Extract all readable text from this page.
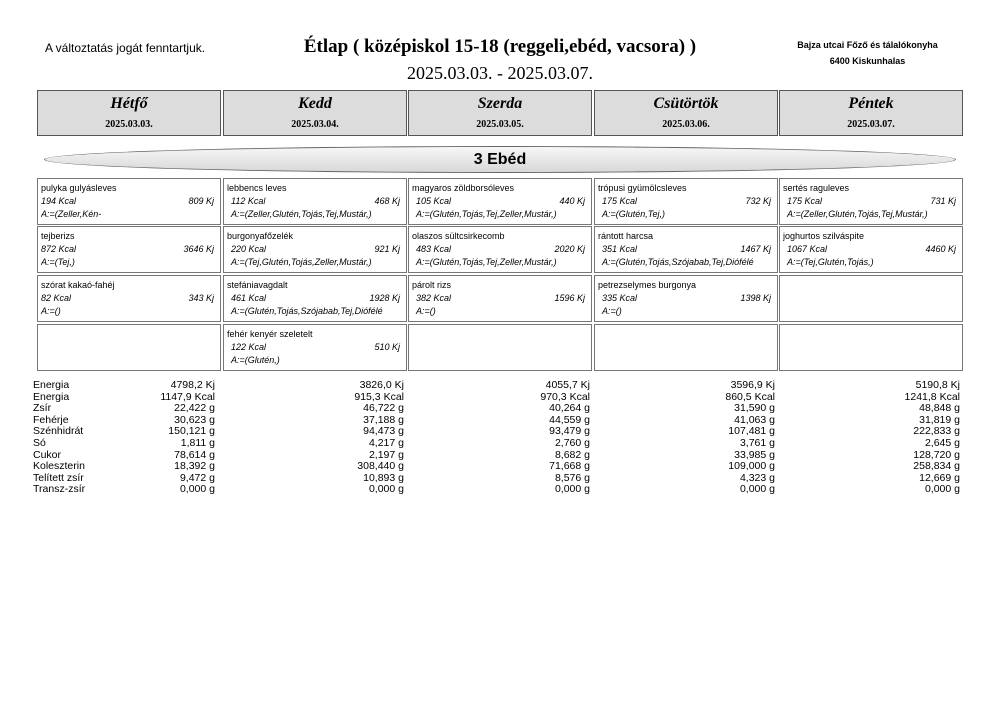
A változtatás jogát fenntartjuk.	Étlap ( középiskol 15-18 (reggeli,ebéd, vacsora) )
2025.03.03. - 2025.03.07.
Bajza utcai Főző és tálalókonyha
6400 Kiskunhalas
Hétfő
2025.03.03.
Kedd
2025.03.04.
Szerda
2025.03.05.
Csütörtök
2025.03.06.
Péntek
2025.03.07.
3 Ebéd
pulyka gulyásleves
194 Kcal	809 Kj
A:=(Zeller,Kén-
lebbencs leves
112 Kcal	468 Kj
A:=(Zeller,Glutén,Tojás,Tej,Mustár,)
magyaros zöldborsóleves
105 Kcal	440 Kj
A:=(Glutén,Tojás,Tej,Zeller,Mustár,)
trópusi gyümölcsleves
175 Kcal	732 Kj
A:=(Glutén,Tej,)
sertés raguleves
175 Kcal	731 Kj
A:=(Zeller,Glutén,Tojás,Tej,Mustár,)
tejberizs
872 Kcal	3646 Kj
A:=(Tej,)
burgonyafőzelék
220 Kcal	921 Kj
A:=(Tej,Glutén,Tojás,Zeller,Mustár,)
olaszos sültcsirkecomb
483 Kcal	2020 Kj
A:=(Glutén,Tojás,Tej,Zeller,Mustár,)
rántott harcsa
351 Kcal	1467 Kj
A:=(Glutén,Tojás,Szójabab,Tej,Diófélé
joghurtos szilváspite
1067 Kcal	4460 Kj
A:=(Tej,Glutén,Tojás,)
szórat kakaó-fahéj
82 Kcal	343 Kj
A:=()
stefániavagdalt
461 Kcal	1928 Kj
A:=(Glutén,Tojás,Szójabab,Tej,Diófélé
párolt rizs
382 Kcal	1596 Kj
A:=()
petrezselymes burgonya
335 Kcal	1398 Kj
A:=()
fehér kenyér szeletelt
122 Kcal	510 Kj
A:=(Glutén,)
Energia	4798,2 Kj	3826,0 Kj	4055,7 Kj	3596,9 Kj	5190,8 Kj
Energia	1147,9 Kcal	915,3 Kcal	970,3 Kcal	860,5 Kcal	1241,8 Kcal
Zsír	22,422 g	46,722 g	40,264 g	31,590 g	48,848 g
Fehérje	30,623 g	37,188 g	44,559 g	41,063 g	31,819 g
Szénhidrát	150,121 g	94,473 g	93,479 g	107,481 g	222,833 g
Só	1,811 g	4,217 g	2,760 g	3,761 g	2,645 g
Cukor	78,614 g	2,197 g	8,682 g	33,985 g	128,720 g
Koleszterin	18,392 g	308,440 g	71,668 g	109,000 g	258,834 g
Telített zsír	9,472 g	10,893 g	8,576 g	4,323 g	12,669 g
Transz-zsír	0,000 g	0,000 g	0,000 g	0,000 g	0,000 g
